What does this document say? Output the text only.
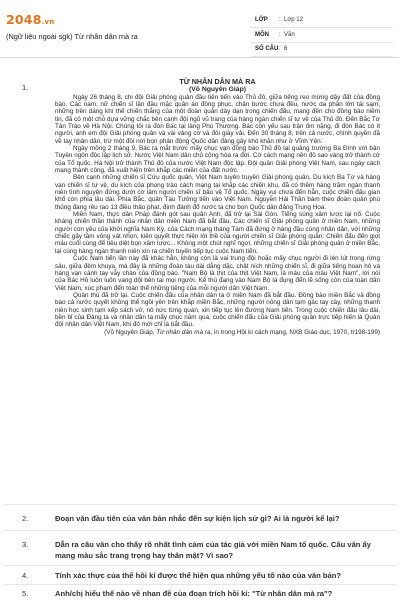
2048.vn
(Ngữ liệu ngoài sgk) Từ nhân dân mà ra
LỚP : Lớp 12
MÔN : Văn
SỐ CÂU : 6
1.
TỪ NHÂN DÂN MÀ RA
(Võ Nguyên Giáp)

Ngày 26 tháng 8, chi đội Giải phóng quân đầu tiên tiến vào Thủ đô, giữa tiếng reo mừng dậy đất của đồng bào. Các nam, nữ chiến sĩ lần đầu mặc quân áo đồng phục, chân bước chưa đều, nước da phần lớn tái sạm, những trên dáng khí thế chiến thắng của một đoàn quân dày dạn trong chiến đấu, mang đến cho đồng bào niềm tin, đã có một chỗ dựa vững chắc bên cạnh đội ngũ vũ trang của hàng ngàn chiến sĩ tự vệ của Thủ đô. Đến Bắc Từ Tân Trào về Hà Nội. Chúng tôi ra đón Bác tại làng Phú Thượng. Bác còn yếu sau trận ốm nặng, đi đón Bác có ít người, anh em đội Giải phóng quân và vài vảng cờ và đôi giày vải. Đến 30 tháng 8, trên cả nước, chính quyền đã về tay nhân dân, trừ một đồi nơi bọn phản động Quốc dân đảng gây khó khăn như ở Vĩnh Yên.

Ngày mồng 2 tháng 9, Bác ra mắt trước mấy chục vạn đồng bào Thủ đô tại quảng trường Ba Đình với bản Tuyên ngôn độc lập lịch sử. Nước Việt Nam dân chủ cộng hòa ra đời. Cờ cách mạng nền đỏ sao vàng trở thành cờ của Tổ quốc. Hà Nội trở thành Thủ đô của nước Việt Nam độc lập. Đội quân Giải phóng Việt Nam, sau ngày cách mạng thành công, đã xuất hiện trên khắp các miền của đất nước.

Bên cạnh những chiến sĩ Cứu quốc quân, Việt Nam tuyên truyền Giải phóng quân, Du kích Ba Tơ và hàng vạn chiến sĩ tự vệ, du kích của phong trào cách mạng tại khắp các chiến khu, đã có thêm hàng trăm ngàn thanh niên tình nguyện đứng dưới cờ làm người chiến sĩ bảo vệ Tổ quốc. Ngày vui chưa đến hẳn, cuộc chiến đấu gian khổ còn phía lâu dài. Phía Bắc, quân Tàu Tưởng tiến vào Việt Nam. Nguyễn Hải Thần bám theo đoàn quân phù thủng đang rêu rao 13 điều thảo phạt, định đánh đổ nước ta cho bọn Quốc dân đảng Trung Hoa.

Miền Nam, thực dân Pháp đánh gót sau quân Anh, đã trở lại Sài Gòn. Tiếng súng xâm lược lại nổ. Cuộc kháng chiến thần thánh của nhân dân miền Nam đã bắt đầu. Các chiến sĩ Giải phóng quân ở miền Nam, những người con yêu của khởi nghĩa Nam Kỳ, của Cách mạng tháng Tám đã đứng ở hàng đầu cùng nhân dân, với những chiếc gậy tầm vông vát nhọn, kiên quyết thực hiện lời thề của người chiến sĩ Giải phóng quân: Chiến đấu đến giọt máu cuối cùng để tiêu diệt bọn xâm lược... Không một chút nghĩ ngợi, những chiến sĩ Giải phóng quân ở miền Bắc, lại cùng hàng ngàn thanh niên xin ra chiến tuyến tiếp tục cuộc Nam tiến.

Cuộc Nam tiến lần này đã khác hẳn, không còn là vai trung đội hoặc mấy chục người đi lén lút trong rừng sâu, giữa đêm khuya, mà đây là những đoàn tàu dài dằng dặc, chật ních những chiến sĩ, đi giữa tiếng hoan hô và hàng vạn cánh tay vẫy chào của đồng bào. "Nam Bộ là thịt của thịt Việt Nam, là máu của máu Việt Nam", lời nói của Bác Hồ luôn luôn vang dội bên tai mọi người. Kể thù đang vào Nam Bộ là đụng đến lẽ sống còn của toàn dân Việt Nam, xúc phạm đến toàn thể những tiêng của mỗi người dân Việt Nam.

Quân thù đã trở lại. Cuộc chiến đấu của nhân dân ta ở miền Nam đã bắt đầu. Đồng bào miền Bắc và đồng bào cả nước quyết không thể ngồi yên trên khắp miền Bắc, những người nông dân tạm gác tay cày, những thanh niên học sinh tạm xếp sách vở, nô nức từng quán, xin tiếp tục lên đường Nam tiến. Trong cuộc chiến đấu lâu dài, bền bỉ của Đảng ta và nhân dân ta mấy chục năm qua, cuộc chiến đấu của Giải phóng quân trực tiếp hiến là Quân đội nhân dân Việt Nam, khi đó mới chỉ là bắt đầu.

(Võ Nguyên Giáp, Từ nhân dân mà ra, in trong Hồi kí cách mạng, NXB Giáo dục, 1970, tr198-199)

2.	Đoạn văn đầu tiên của văn bản nhắc đến sự kiện lịch sử gì? Ai là người kể lại?
3.	Dẫn ra câu văn cho thấy rõ nhất tình cảm của tác giả với miền Nam tổ quốc. Câu văn ấy mang màu sắc trang trọng hay thân mật? Vì sao?
4.	Tính xác thực của thể hồi kí được thể hiện qua những yếu tố nào của văn bản?
5.	Anh/chị hiểu thế nào về nhan đề của đoạn trích hồi kí: "Từ nhân dân mà ra"?
